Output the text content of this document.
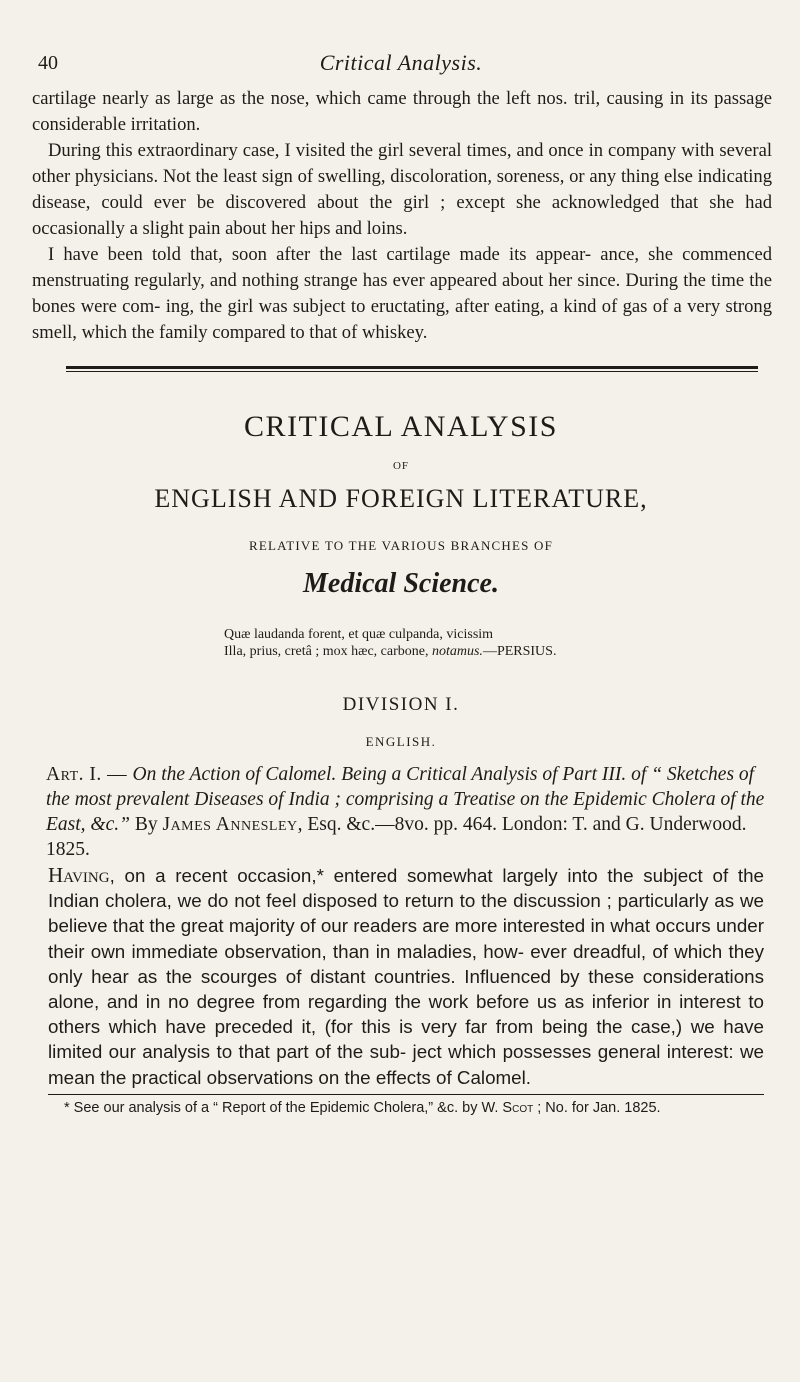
40	Critical Analysis.

cartilage nearly as large as the nose, which came through the left nos. tril, causing in its passage considerable irritation.

During this extraordinary case, I visited the girl several times, and once in company with several other physicians. Not the least sign of swelling, discoloration, soreness, or any thing else indicating disease, could ever be discovered about the girl ; except she acknowledged that she had occasionally a slight pain about her hips and loins.

I have been told that, soon after the last cartilage made its appear- ance, she commenced menstruating regularly, and nothing strange has ever appeared about her since. During the time the bones were com- ing, the girl was subject to eructating, after eating, a kind of gas of a very strong smell, which the family compared to that of whiskey.

CRITICAL ANALYSIS
OF
ENGLISH AND FOREIGN LITERATURE,
RELATIVE TO THE VARIOUS BRANCHES OF
Medical Science.
Quæ laudanda forent, et quæ culpanda, vicissim
Illa, prius, cretâ ; mox hæc, carbone, notamus.—PERSIUS.
DIVISION I.
ENGLISH.
Art. I. — On the Action of Calomel. Being a Critical Analysis of Part III. of “ Sketches of the most prevalent Diseases of India ; comprising a Treatise on the Epidemic Cholera of the East, &c.” By James Annesley, Esq. &c.—8vo. pp. 464. London: T. and G. Underwood. 1825.
Having, on a recent occasion,* entered somewhat largely into the subject of the Indian cholera, we do not feel disposed to return to the discussion ; particularly as we believe that the great majority of our readers are more interested in what occurs under their own immediate observation, than in maladies, how- ever dreadful, of which they only hear as the scourges of distant countries. Influenced by these considerations alone, and in no degree from regarding the work before us as inferior in interest to others which have preceded it, (for this is very far from being the case,) we have limited our analysis to that part of the sub- ject which possesses general interest: we mean the practical observations on the effects of Calomel.
* See our analysis of a “ Report of the Epidemic Cholera,” &c. by W. Scot ; No. for Jan. 1825.
